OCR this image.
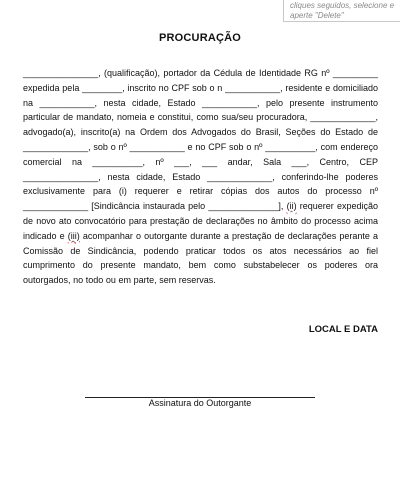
cliques seguidos, selecione e
aperte "Delete"
PROCURAÇÃO
_______________, (qualificação), portador da Cédula de Identidade RG nº _________ expedida pela ________, inscrito no CPF sob o n ___________, residente e domiciliado na ___________, nesta cidade, Estado ___________, pelo presente instrumento particular de mandato, nomeia e constitui, como sua/seu procuradora, _____________, advogado(a), inscrito(a) na Ordem dos Advogados do Brasil, Seções do Estado de _____________, sob o nº ___________ e no CPF sob o nº __________, com endereço comercial na __________, nº ___, ___ andar, Sala ___, Centro, CEP _______________, nesta cidade, Estado _____________, conferindo-lhe poderes exclusivamente para (i) requerer e retirar cópias dos autos do processo nº _____________ [Sindicância instaurada pelo ______________], (ii) requerer expedição de novo ato convocatório para prestação de declarações no âmbito do processo acima indicado e (iii) acompanhar o outorgante durante a prestação de declarações perante a Comissão de Sindicância, podendo praticar todos os atos necessários ao fiel cumprimento do presente mandato, bem como substabelecer os poderes ora outorgados, no todo ou em parte, sem reservas.
LOCAL E DATA
Assinatura do Outorgante
